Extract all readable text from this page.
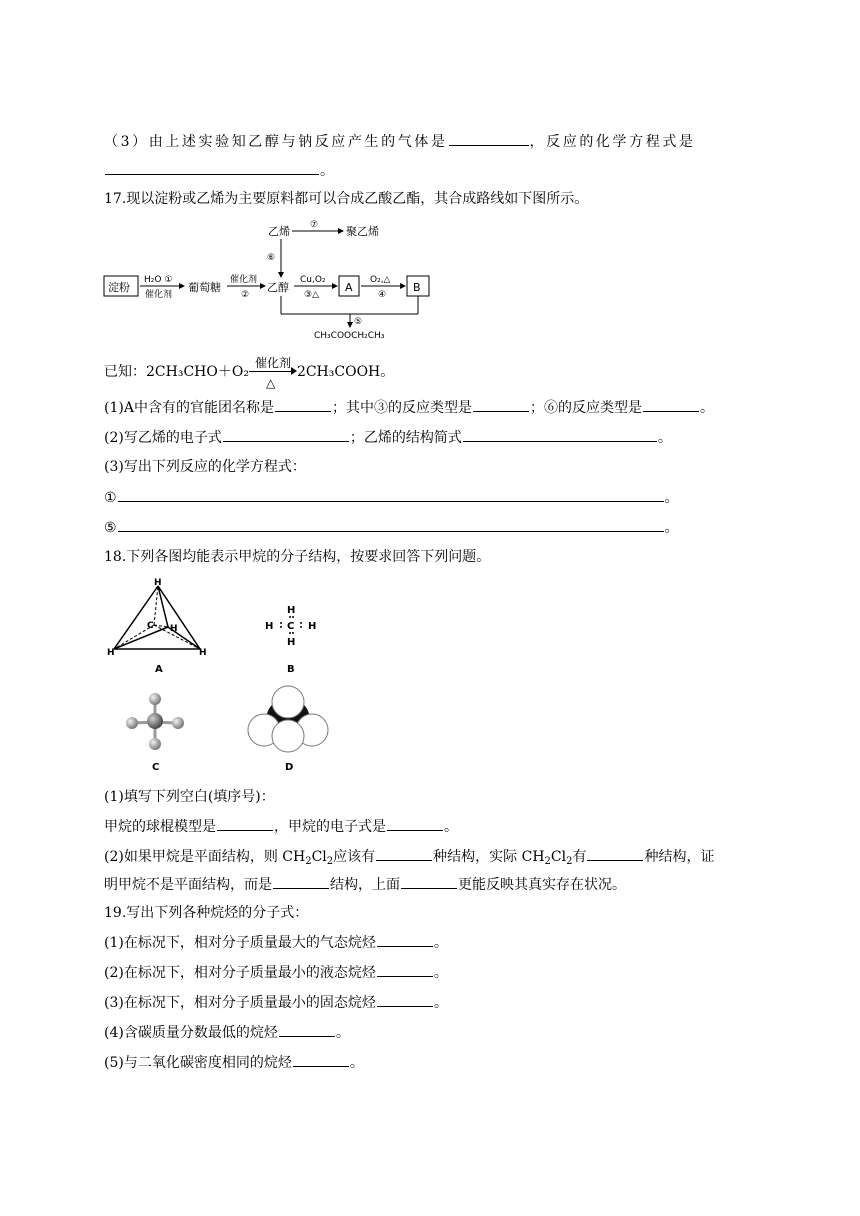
（3）由上述实验知乙醇与钠反应产生的气体是	，反应的化学方程式是
。
17.现以淀粉或乙烯为主要原料都可以合成乙酸乙酯，其合成路线如下图所示。
乙烯 ⑦	聚乙烯
⑥
淀粉
H₂O ①
催化剂
葡萄糖
催化剂
②
乙醇
Cu,O₂
③△
A
O₂,△
④
B
⑤
CH₃COOCH₂CH₃
已知：2CH₃CHO＋O₂
催化剂
△
2CH₃COOH。
(1)A中含有的官能团名称是	；其中③的反应类型是	；⑥的反应类型是	。
(2)写乙烯的电子式	；乙烯的结构简式	。
(3)写出下列反应的化学方程式：
①	。
⑤	。
18.下列各图均能表示甲烷的分子结构，按要求回答下列问题。
H
C H
H	H
A
H
H C H
H
B
C	D
(1)填写下列空白(填序号)：
甲烷的球棍模型是	，甲烷的电子式是	。
(2)如果甲烷是平面结构，则 $CH_2Cl_2$应该有	种结构，实际 $CH_2Cl_2$有	种结构，证
明甲烷不是平面结构，而是	结构，上面	更能反映其真实存在状况。
19.写出下列各种烷烃的分子式：
(1)在标况下，相对分子质量最大的气态烷烃	。
(2)在标况下，相对分子质量最小的液态烷烃	。
(3)在标况下，相对分子质量最小的固态烷烃	。
(4)含碳质量分数最低的烷烃	。
(5)与二氧化碳密度相同的烷烃	。
